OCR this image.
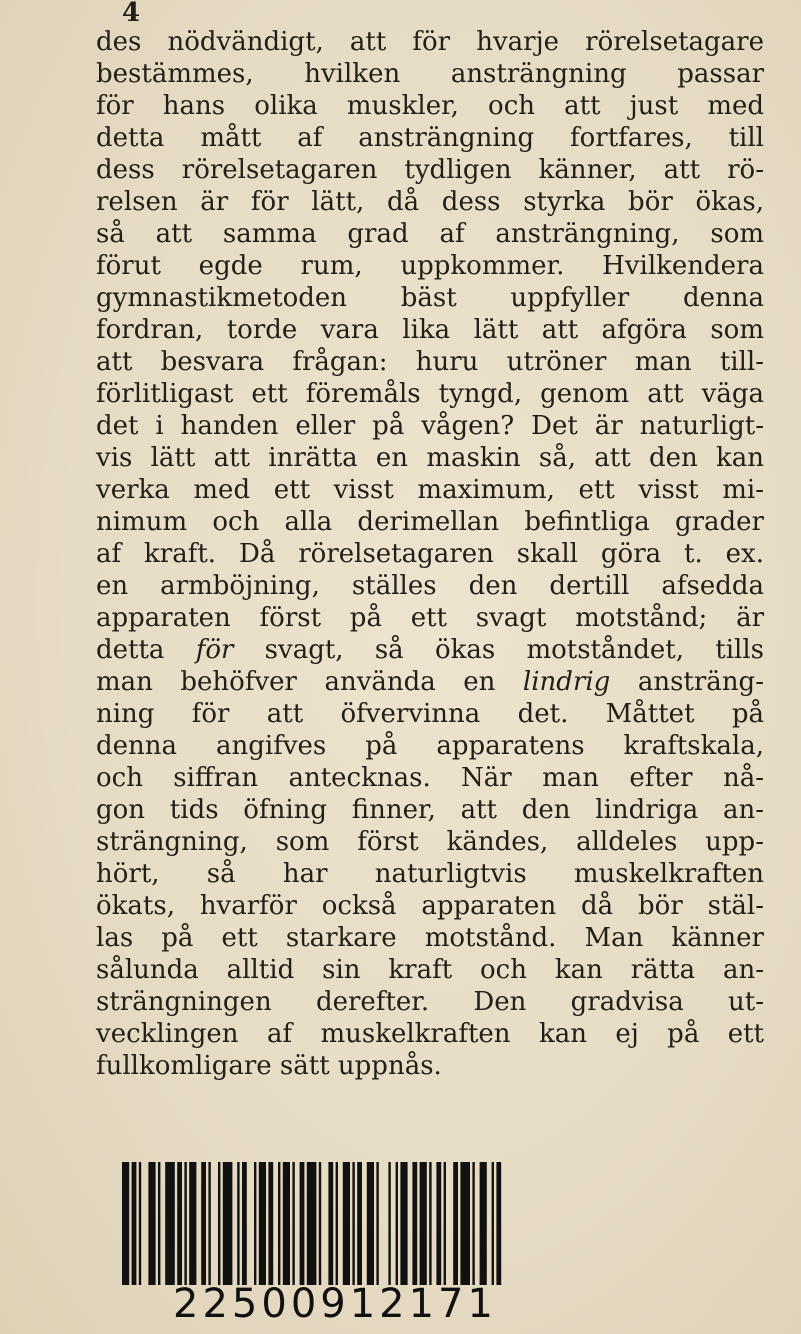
4
des nödvändigt, att för hvarje rörelsetagare
bestämmes, hvilken ansträngning passar
för hans olika muskler, och att just med
detta mått af ansträngning fortfares, till
dess rörelsetagaren tydligen känner, att rö-
relsen är för lätt, då dess styrka bör ökas,
så att samma grad af ansträngning, som
förut egde rum, uppkommer. Hvilkendera
gymnastikmetoden bäst uppfyller denna
fordran, torde vara lika lätt att afgöra som
att besvara frågan: huru utröner man till-
förlitligast ett föremåls tyngd, genom att väga
det i handen eller på vågen? Det är naturligt-
vis lätt att inrätta en maskin så, att den kan
verka med ett visst maximum, ett visst mi-
nimum och alla derimellan befintliga grader
af kraft. Då rörelsetagaren skall göra t. ex.
en armböjning, ställes den dertill afsedda
apparaten först på ett svagt motstånd; är
detta för svagt, så ökas motståndet, tills
man behöfver använda en lindrig ansträng-
ning för att öfvervinna det. Måttet på
denna angifves på apparatens kraftskala,
och siffran antecknas. När man efter nå-
gon tids öfning finner, att den lindriga an-
strängning, som först kändes, alldeles upp-
hört, så har naturligtvis muskelkraften
ökats, hvarför också apparaten då bör stäl-
las på ett starkare motstånd. Man känner
sålunda alltid sin kraft och kan rätta an-
strängningen derefter. Den gradvisa ut-
vecklingen af muskelkraften kan ej på ett
fullkomligare sätt uppnås.
22500912171
